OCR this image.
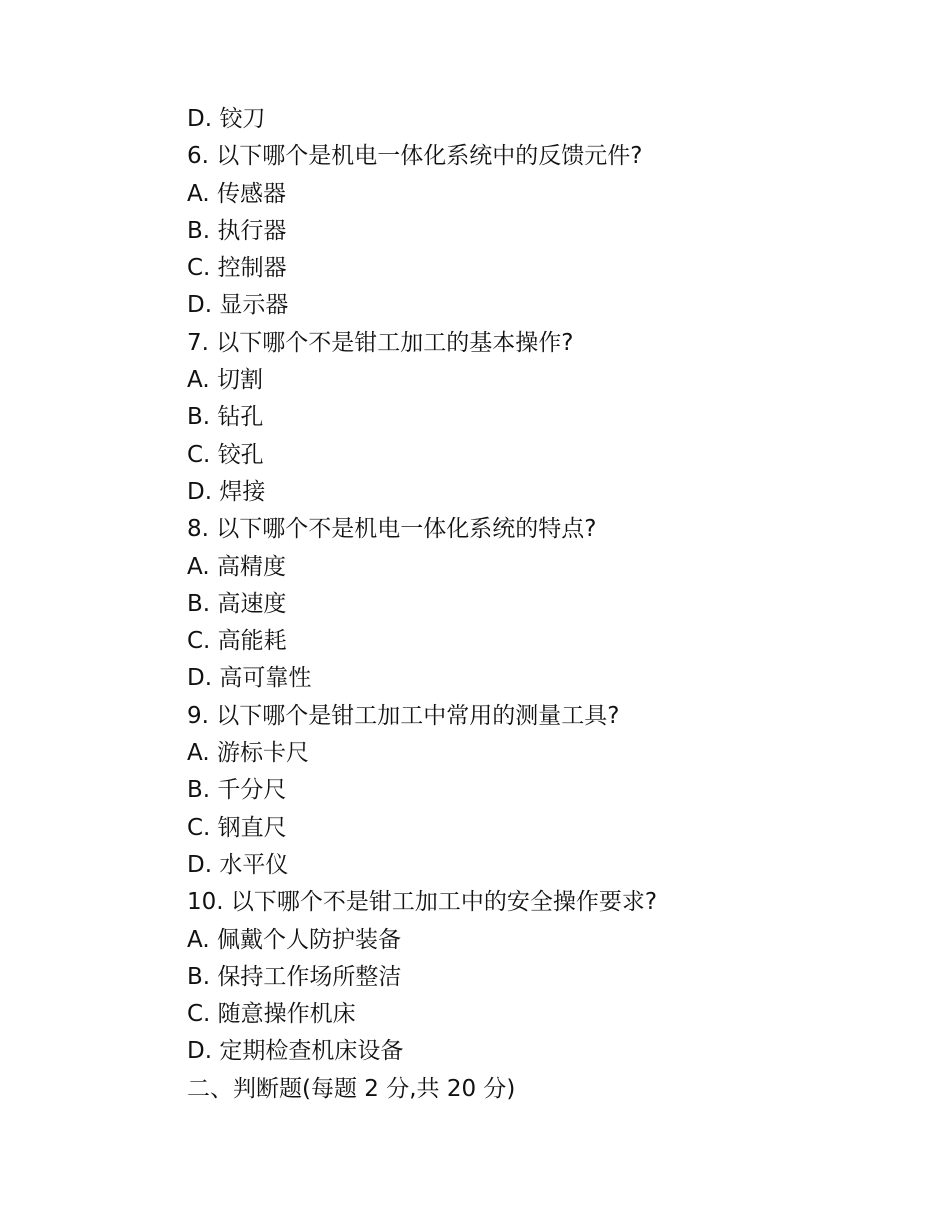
D. 铰刀
6. 以下哪个是机电一体化系统中的反馈元件?
A. 传感器
B. 执行器
C. 控制器
D. 显示器
7. 以下哪个不是钳工加工的基本操作?
A. 切割
B. 钻孔
C. 铰孔
D. 焊接
8. 以下哪个不是机电一体化系统的特点?
A. 高精度
B. 高速度
C. 高能耗
D. 高可靠性
9. 以下哪个是钳工加工中常用的测量工具?
A. 游标卡尺
B. 千分尺
C. 钢直尺
D. 水平仪
10. 以下哪个不是钳工加工中的安全操作要求?
A. 佩戴个人防护装备
B. 保持工作场所整洁
C. 随意操作机床
D. 定期检查机床设备
二、判断题(每题 2 分,共 20 分)
